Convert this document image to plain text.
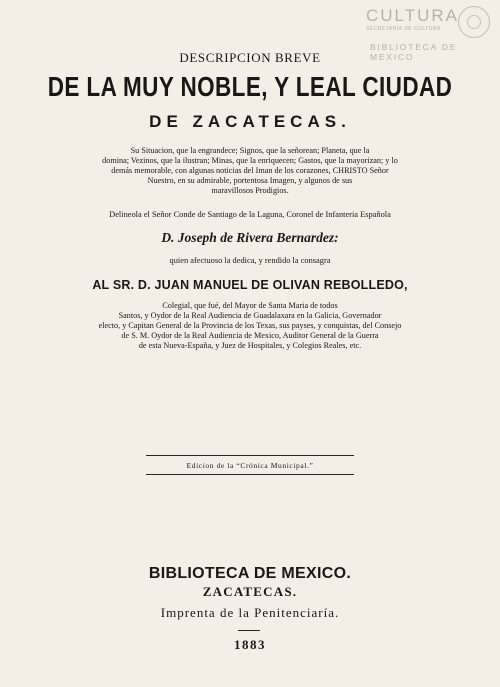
CULTURA
SECRETARÍA DE CULTURA
BIBLIOTECA DE MEXICO
DESCRIPCION BREVE
DE LA MUY NOBLE, Y LEAL CIUDAD
DE ZACATECAS.
Su Situacion, que la engrandece; Signos, que la señorean; Planeta, que la
domina; Vezinos, que la ilustran; Minas, que la enriquecen; Gastos, que la mayorizan; y lo
demás memorable, con algunas noticias del Iman de los corazones, CHRISTO Señor
Nuestro, en su admirable, portentosa Imagen, y algunos de sus
maravillosos Prodigios.
Delineola el Señor Conde de Santiago de la Laguna, Coronel de Infanteria Española
D. Joseph de Rivera Bernardez:
quien afectuoso la dedica, y rendido la consagra
AL SR. D. JUAN MANUEL DE OLIVAN REBOLLEDO,
Colegial, que fué, del Mayor de Santa Maria de todos
Santos, y Oydor de la Real Audiencia de Guadalaxara en la Galicia, Governador
electo, y Capitan General de la Provincia de los Texas, sus payses, y conquistas, del Consejo
de S. M. Oydor de la Real Audiencia de Mexico, Auditor General de la Guerra
de esta Nueva-España, y Juez de Hospitales, y Colegios Reales, etc.
Edicion de la “Crónica Municipal.”
BIBLIOTECA DE MEXICO.
ZACATECAS.
Imprenta de la Penitenciaría.
1883
